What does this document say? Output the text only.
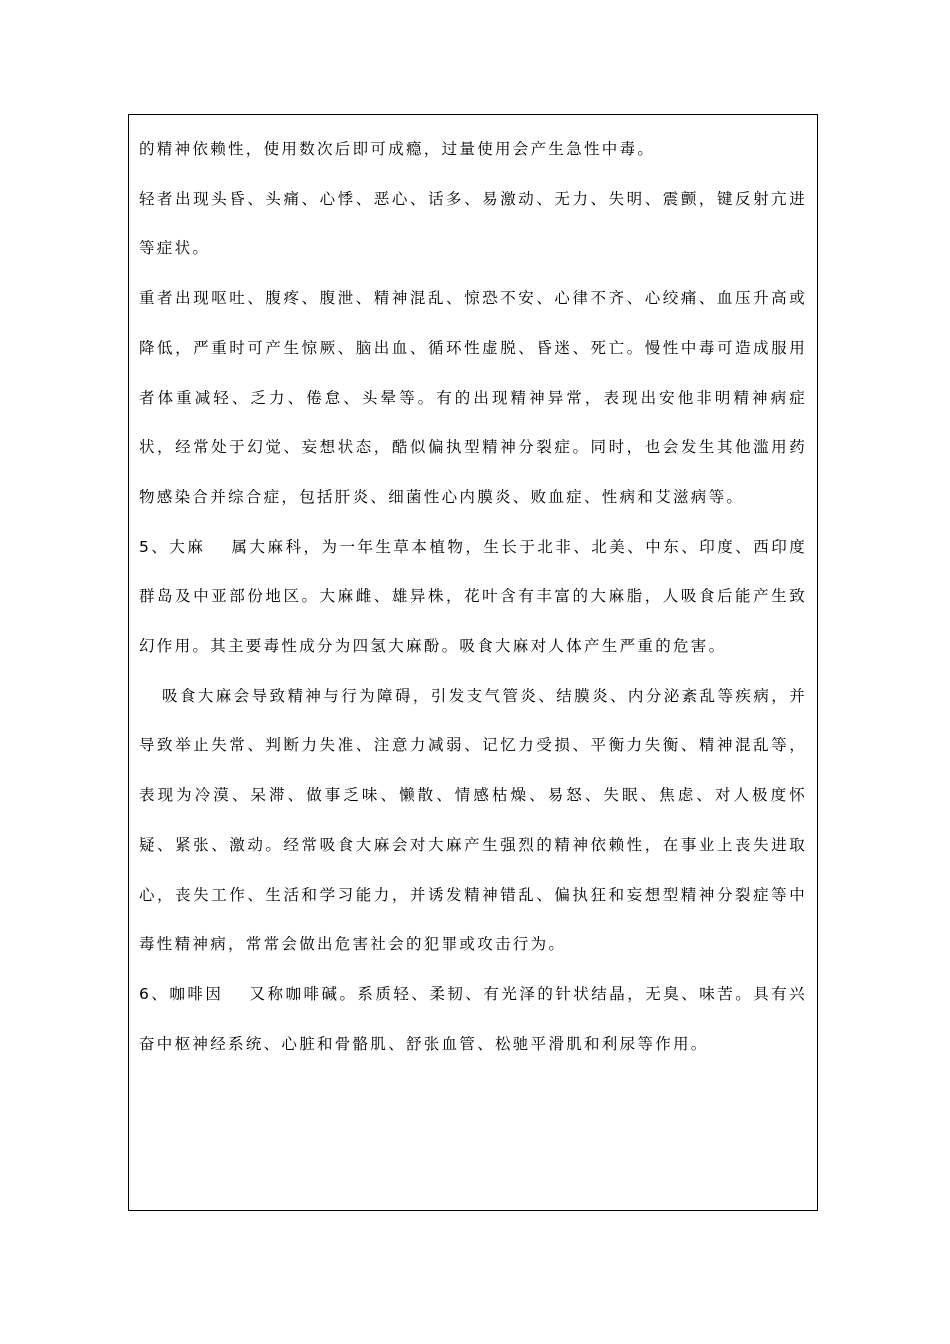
的精神依赖性，使用数次后即可成瘾，过量使用会产生急性中毒。

轻者出现头昏、头痛、心悸、恶心、话多、易激动、无力、失明、震颤，键反射亢进等症状。

重者出现呕吐、腹疼、腹泄、精神混乱、惊恐不安、心律不齐、心绞痛、血压升高或降低，严重时可产生惊厥、脑出血、循环性虚脱、昏迷、死亡。慢性中毒可造成服用者体重减轻、乏力、倦怠、头晕等。有的出现精神异常，表现出安他非明精神病症状，经常处于幻觉、妄想状态，酷似偏执型精神分裂症。同时，也会发生其他滥用药物感染合并综合症，包括肝炎、细菌性心内膜炎、败血症、性病和艾滋病等。

5、大麻 属大麻科，为一年生草本植物，生长于北非、北美、中东、印度、西印度群岛及中亚部份地区。大麻雌、雄异株，花叶含有丰富的大麻脂，人吸食后能产生致幻作用。其主要毒性成分为四氢大麻酚。吸食大麻对人体产生严重的危害。

吸食大麻会导致精神与行为障碍，引发支气管炎、结膜炎、内分泌紊乱等疾病，并导致举止失常、判断力失准、注意力减弱、记忆力受损、平衡力失衡、精神混乱等，表现为冷漠、呆滞、做事乏味、懒散、情感枯燥、易怒、失眠、焦虑、对人极度怀疑、紧张、激动。经常吸食大麻会对大麻产生强烈的精神依赖性，在事业上丧失进取心，丧失工作、生活和学习能力，并诱发精神错乱、偏执狂和妄想型精神分裂症等中毒性精神病，常常会做出危害社会的犯罪或攻击行为。

6、咖啡因 又称咖啡碱。系质轻、柔韧、有光泽的针状结晶，无臭、味苦。具有兴奋中枢神经系统、心脏和骨骼肌、舒张血管、松驰平滑肌和利尿等作用。
